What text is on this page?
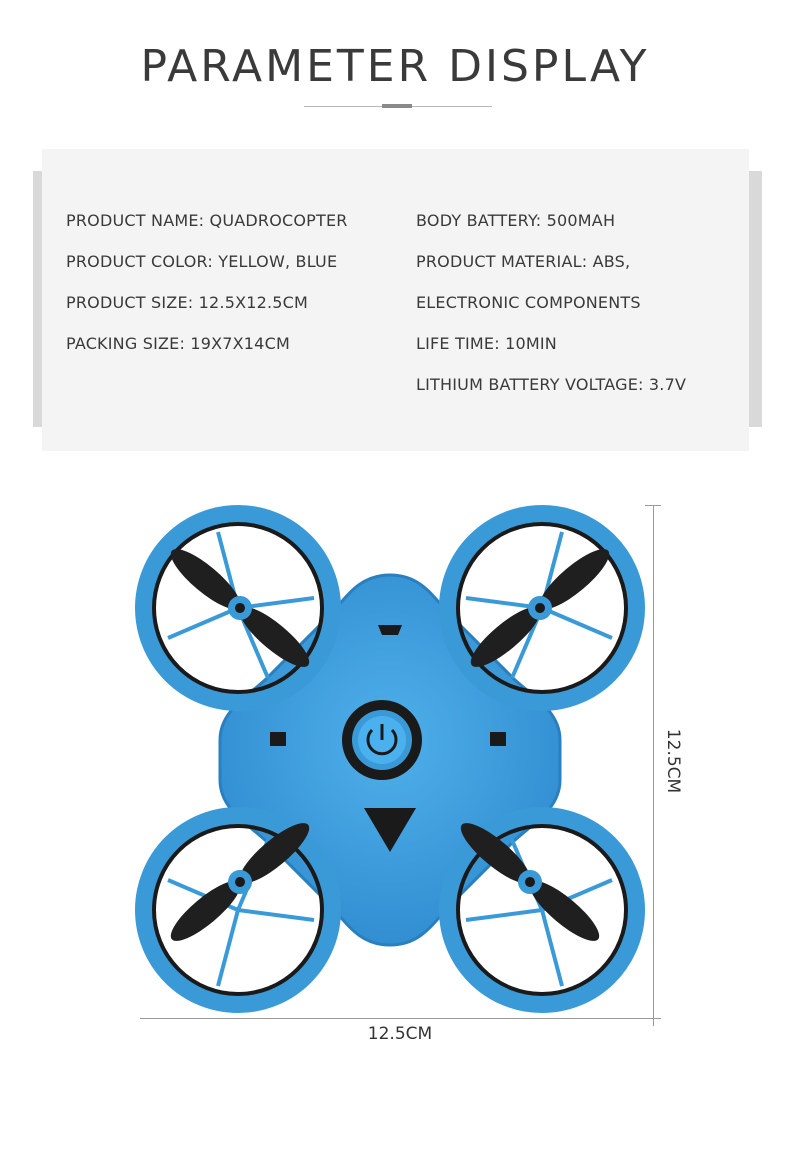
PARAMETER DISPLAY
PRODUCT NAME: QUADROCOPTER
PRODUCT COLOR: YELLOW, BLUE
PRODUCT SIZE: 12.5X12.5CM
PACKING SIZE: 19X7X14CM
BODY BATTERY: 500MAH
PRODUCT MATERIAL: ABS,
ELECTRONIC COMPONENTS
LIFE TIME: 10MIN
LITHIUM BATTERY VOLTAGE: 3.7V
12.5CM
12.5CM
